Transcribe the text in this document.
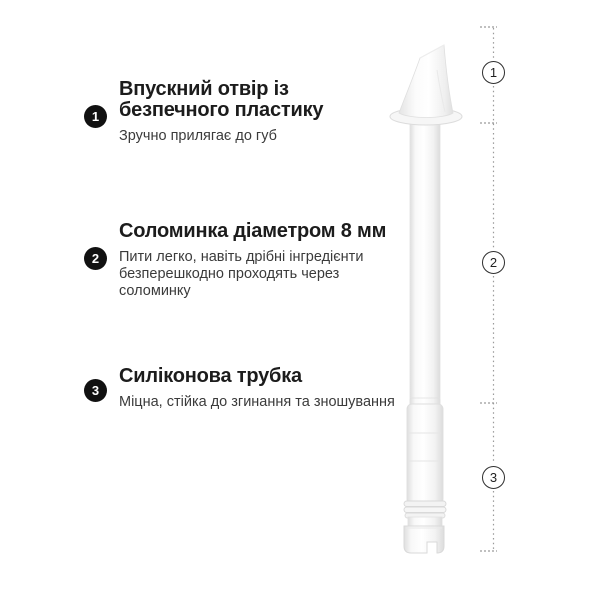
1
2
3
Впускний отвір із безпечного пластику
Зручно прилягає до губ
Соломинка діаметром 8 мм
Пити легко, навіть дрібні інгредієнти безперешкодно проходять через соломинку
Силіконова трубка
Міцна, стійка до згинання та зношування
1
2
3
